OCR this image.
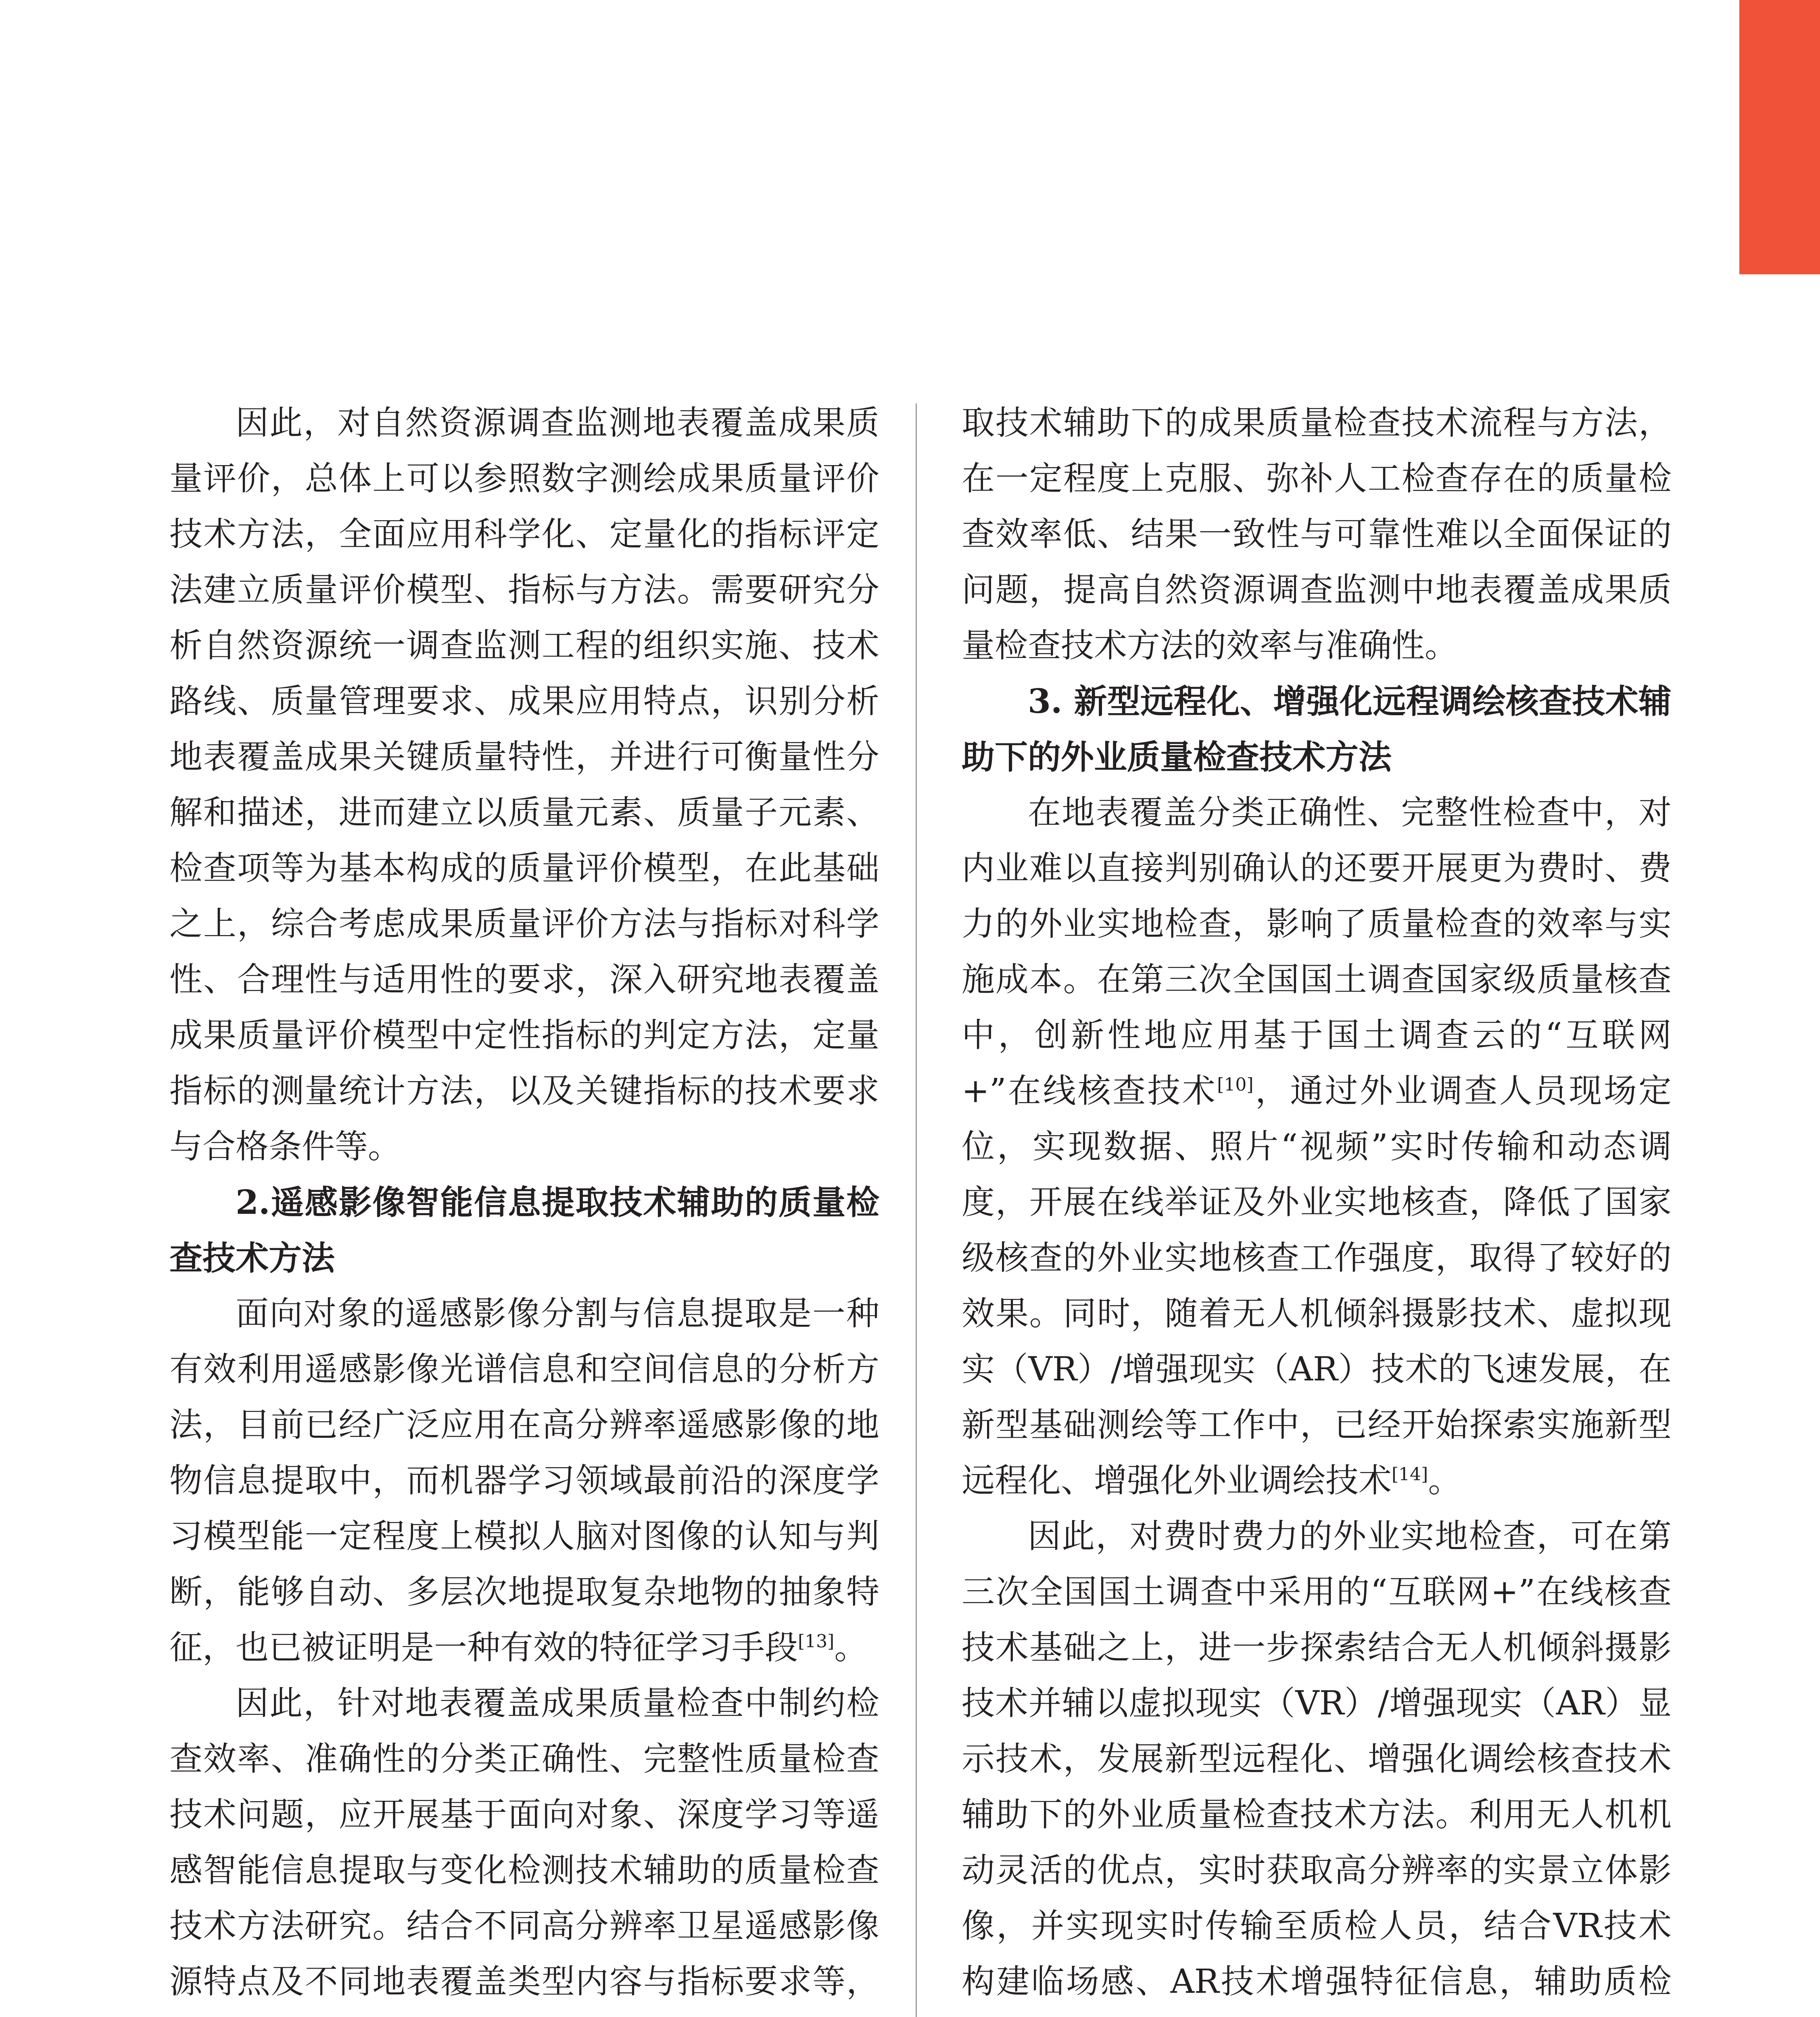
因此，对自然资源调查监测地表覆盖成果质量评价，总体上可以参照数字测绘成果质量评价技术方法，全面应用科学化、定量化的指标评定法建立质量评价模型、指标与方法。需要研究分析自然资源统一调查监测工程的组织实施、技术路线、质量管理要求、成果应用特点，识别分析地表覆盖成果关键质量特性，并进行可衡量性分解和描述，进而建立以质量元素、质量子元素、检查项等为基本构成的质量评价模型，在此基础之上，综合考虑成果质量评价方法与指标对科学性、合理性与适用性的要求，深入研究地表覆盖成果质量评价模型中定性指标的判定方法，定量指标的测量统计方法，以及关键指标的技术要求与合格条件等。

2.遥感影像智能信息提取技术辅助的质量检查技术方法

面向对象的遥感影像分割与信息提取是一种有效利用遥感影像光谱信息和空间信息的分析方法，目前已经广泛应用在高分辨率遥感影像的地物信息提取中，而机器学习领域最前沿的深度学习模型能一定程度上模拟人脑对图像的认知与判断，能够自动、多层次地提取复杂地物的抽象特征，也已被证明是一种有效的特征学习手段[13]。

因此，针对地表覆盖成果质量检查中制约检查效率、准确性的分类正确性、完整性质量检查技术问题，应开展基于面向对象、深度学习等遥感智能信息提取与变化检测技术辅助的质量检查技术方法研究。结合不同高分辨率卫星遥感影像源特点及不同地表覆盖类型内容与指标要求等，

取技术辅助下的成果质量检查技术流程与方法，在一定程度上克服、弥补人工检查存在的质量检查效率低、结果一致性与可靠性难以全面保证的问题，提高自然资源调查监测中地表覆盖成果质量检查技术方法的效率与准确性。

3. 新型远程化、增强化远程调绘核查技术辅助下的外业质量检查技术方法

在地表覆盖分类正确性、完整性检查中，对内业难以直接判别确认的还要开展更为费时、费力的外业实地检查，影响了质量检查的效率与实施成本。在第三次全国国土调查国家级质量核查中，创新性地应用基于国土调查云的“互联网+”在线核查技术[10]，通过外业调查人员现场定位，实现数据、照片“视频”实时传输和动态调度，开展在线举证及外业实地核查，降低了国家级核查的外业实地核查工作强度，取得了较好的效果。同时，随着无人机倾斜摄影技术、虚拟现实（VR）/增强现实（AR）技术的飞速发展，在新型基础测绘等工作中，已经开始探索实施新型远程化、增强化外业调绘技术[14]。

因此，对费时费力的外业实地检查，可在第三次全国国土调查中采用的“互联网+”在线核查技术基础之上，进一步探索结合无人机倾斜摄影技术并辅以虚拟现实（VR）/增强现实（AR）显示技术，发展新型远程化、增强化调绘核查技术辅助下的外业质量检查技术方法。利用无人机机动灵活的优点，实时获取高分辨率的实景立体影像，并实现实时传输至质检人员，结合VR技术构建临场感、AR技术增强特征信息，辅助质检
